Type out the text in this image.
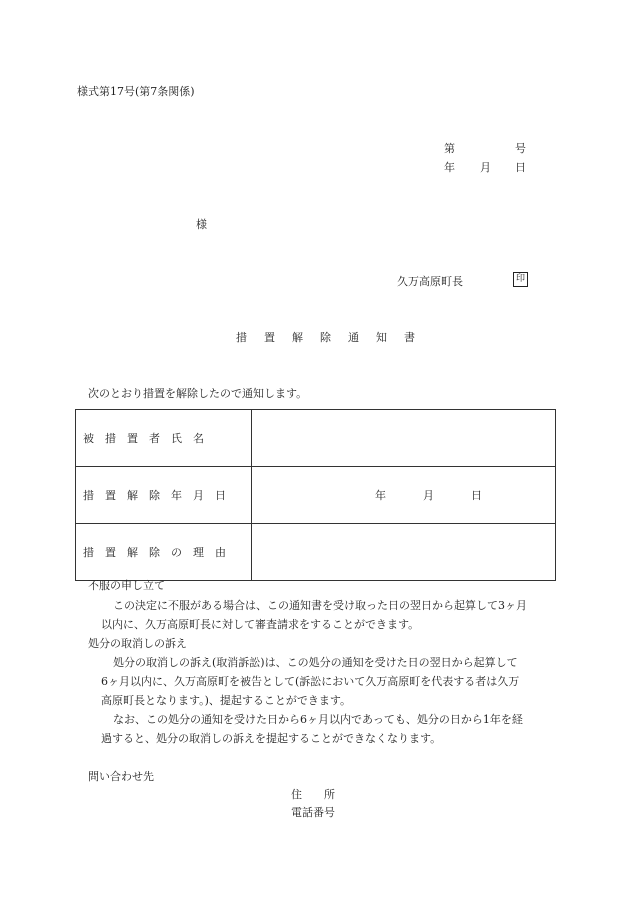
様式第17号(第7条関係)
第	号
年 月 日
様
久万高原町長	印
措置解除通知書
次のとおり措置を解除したので通知します。
被措置者氏名	
措置解除年月日	年 月 日

措置解除の理由	
不服の申し立て
この決定に不服がある場合は、この通知書を受け取った日の翌日から起算して3ヶ月
以内に、久万高原町長に対して審査請求をすることができます。
処分の取消しの訴え
処分の取消しの訴え(取消訴訟)は、この処分の通知を受けた日の翌日から起算して
6ヶ月以内に、久万高原町を被告として(訴訟において久万高原町を代表する者は久万
高原町長となります。)、提起することができます。
なお、この処分の通知を受けた日から6ヶ月以内であっても、処分の日から1年を経
過すると、処分の取消しの訴えを提起することができなくなります。
問い合わせ先
住　　所
電話番号
